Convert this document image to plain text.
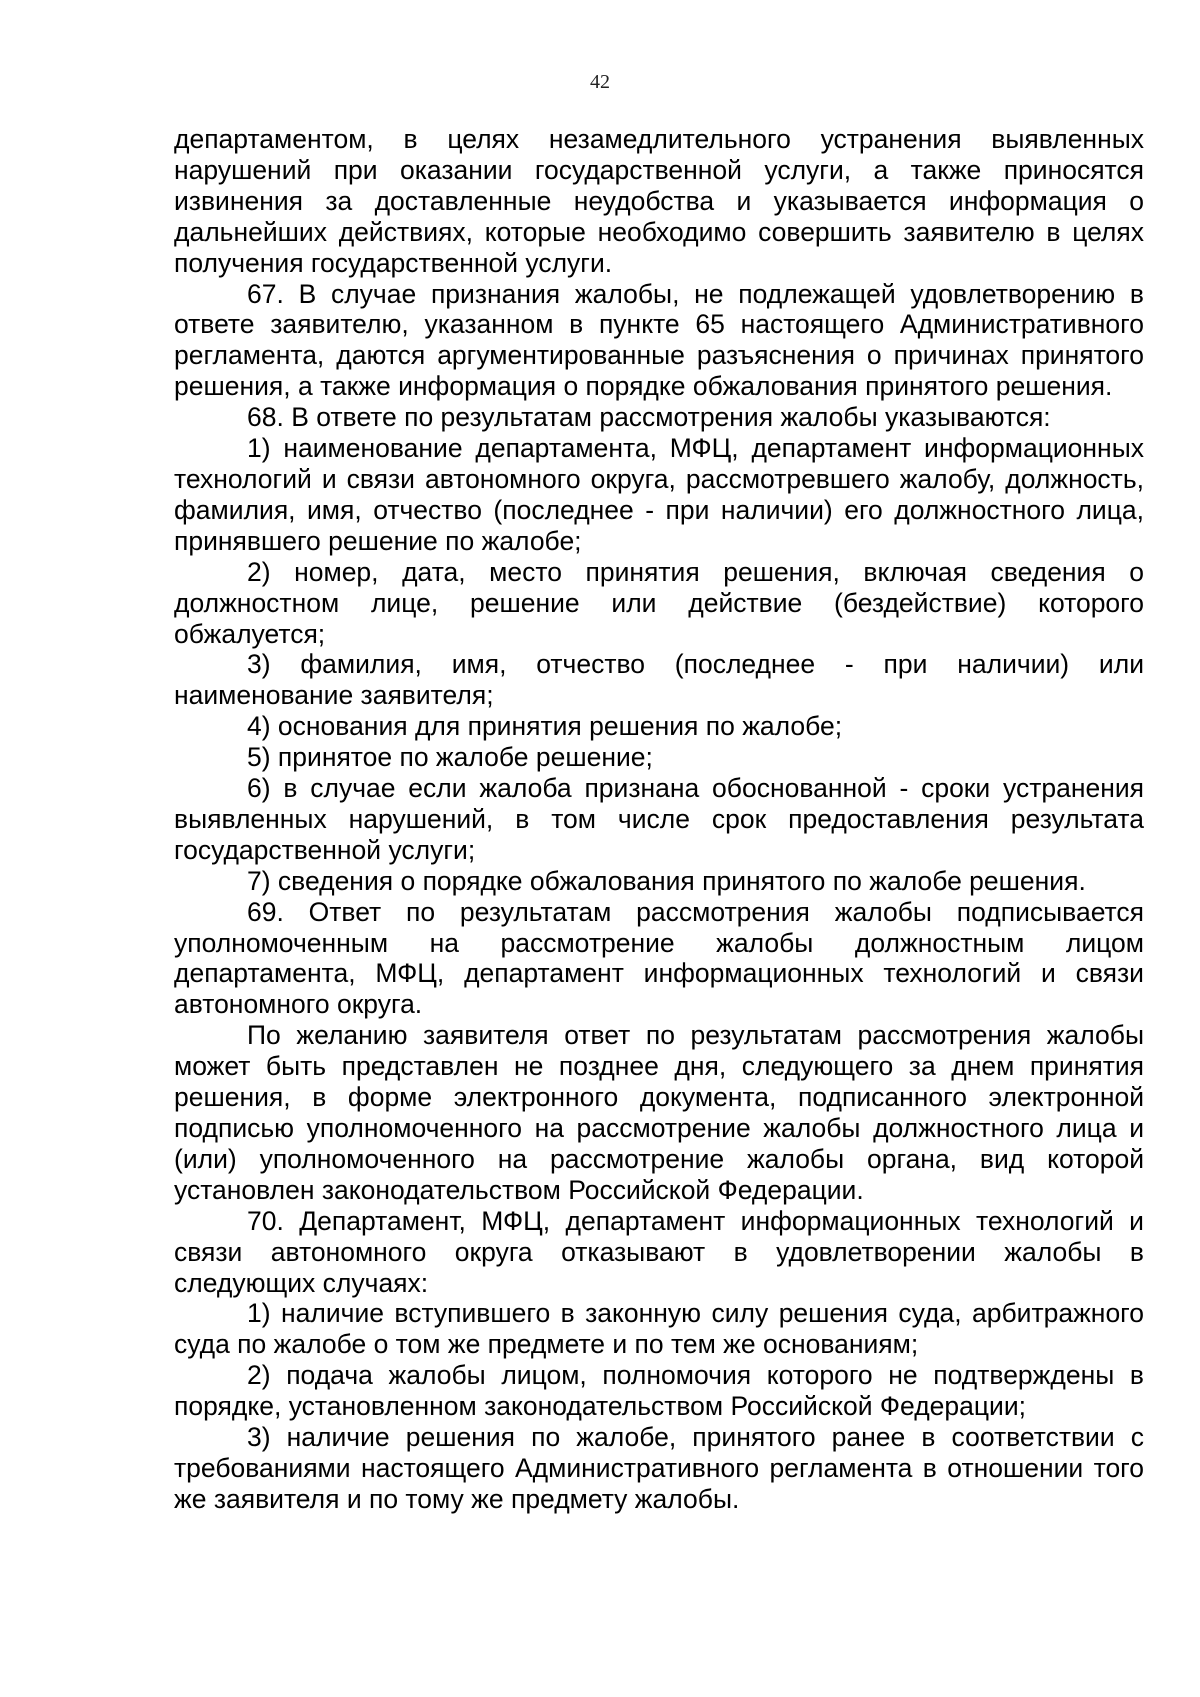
42

департаментом, в целях незамедлительного устранения выявленных нарушений при оказании государственной услуги, а также приносятся извинения за доставленные неудобства и указывается информация о дальнейших действиях, которые необходимо совершить заявителю в целях получения государственной услуги.

67. В случае признания жалобы, не подлежащей удовлетворению в ответе заявителю, указанном в пункте 65 настоящего Административного регламента, даются аргументированные разъяснения о причинах принятого решения, а также информация о порядке обжалования принятого решения.

68. В ответе по результатам рассмотрения жалобы указываются:

1) наименование департамента, МФЦ, департамент информационных технологий и связи автономного округа, рассмотревшего жалобу, должность, фамилия, имя, отчество (последнее - при наличии) его должностного лица, принявшего решение по жалобе;

2) номер, дата, место принятия решения, включая сведения о должностном лице, решение или действие (бездействие) которого обжалуется;

3) фамилия, имя, отчество (последнее - при наличии) или наименование заявителя;

4) основания для принятия решения по жалобе;

5) принятое по жалобе решение;

6) в случае если жалоба признана обоснованной - сроки устранения выявленных нарушений, в том числе срок предоставления результата государственной услуги;

7) сведения о порядке обжалования принятого по жалобе решения.

69. Ответ по результатам рассмотрения жалобы подписывается уполномоченным на рассмотрение жалобы должностным лицом департамента, МФЦ, департамент информационных технологий и связи автономного округа.

По желанию заявителя ответ по результатам рассмотрения жалобы может быть представлен не позднее дня, следующего за днем принятия решения, в форме электронного документа, подписанного электронной подписью уполномоченного на рассмотрение жалобы должностного лица и (или) уполномоченного на рассмотрение жалобы органа, вид которой установлен законодательством Российской Федерации.

70. Департамент, МФЦ, департамент информационных технологий и связи автономного округа отказывают в удовлетворении жалобы в следующих случаях:

1) наличие вступившего в законную силу решения суда, арбитражного суда по жалобе о том же предмете и по тем же основаниям;

2) подача жалобы лицом, полномочия которого не подтверждены в порядке, установленном законодательством Российской Федерации;

3) наличие решения по жалобе, принятого ранее в соответствии с требованиями настоящего Административного регламента в отношении того же заявителя и по тому же предмету жалобы.
